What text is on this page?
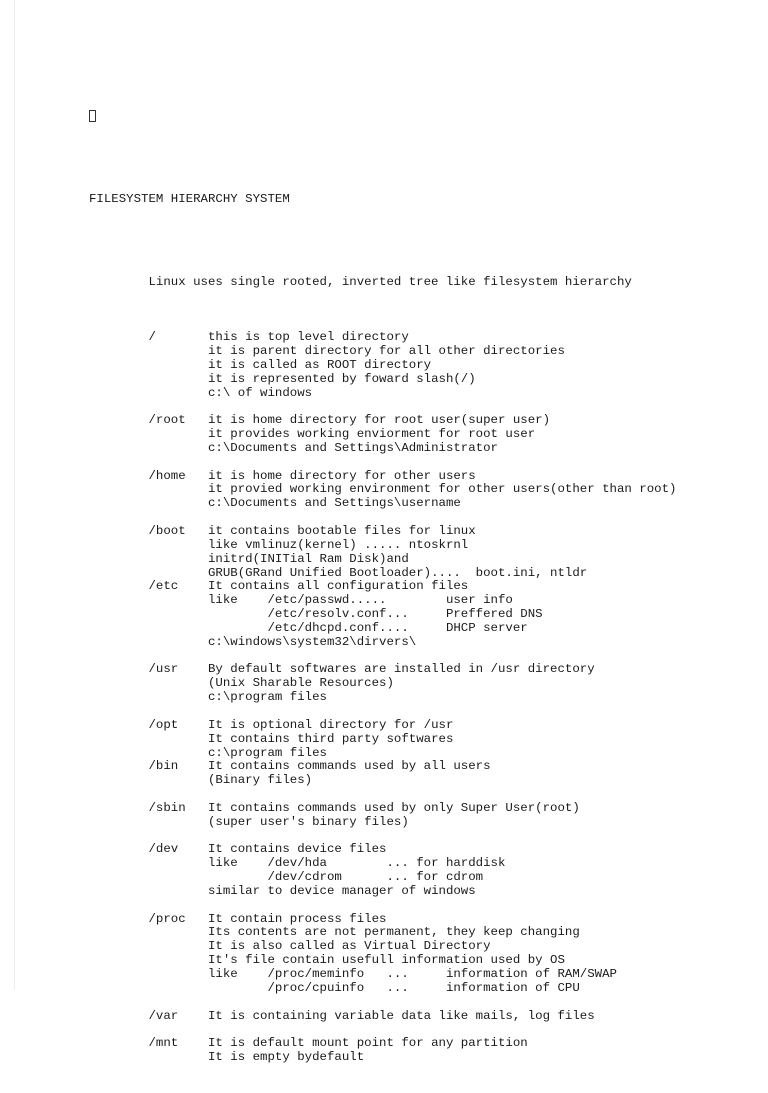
FILESYSTEM HIERARCHY SYSTEM

Linux uses single rooted, inverted tree like filesystem hierarchy

/	this is top level directory
it is parent directory for all other directories
it is called as ROOT directory
it is represented by foward slash(/)
c:\ of windows
/root it is home directory for root user(super user)
it provides working enviorment for root user
c:\Documents and Settings\Administrator
/home it is home directory for other users
it provied working environment for other users(other than root)
c:\Documents and Settings\username
/boot it contains bootable files for linux
like vmlinuz(kernel) ..... ntoskrnl
initrd(INITial Ram Disk)and
GRUB(GRand Unified Bootloader)....  boot.ini, ntldr
/etc It contains all configuration files
like    /etc/passwd.....        user info
/etc/resolv.conf...     Preffered DNS
/etc/dhcpd.conf....     DHCP server
c:\windows\system32\dirvers\
/usr By default softwares are installed in /usr directory
(Unix Sharable Resources)
c:\program files
/opt It is optional directory for /usr
It contains third party softwares
c:\program files
/bin It contains commands used by all users
(Binary files)
/sbin It contains commands used by only Super User(root)
(super user's binary files)
/dev It contains device files
like    /dev/hda        ... for harddisk
/dev/cdrom      ... for cdrom
similar to device manager of windows
/proc It contain process files
Its contents are not permanent, they keep changing
It is also called as Virtual Directory
It's file contain usefull information used by OS
like    /proc/meminfo   ...     information of RAM/SWAP
/proc/cpuinfo   ...     information of CPU
/var It is containing variable data like mails, log files
/mnt It is default mount point for any partition
It is empty bydefault
